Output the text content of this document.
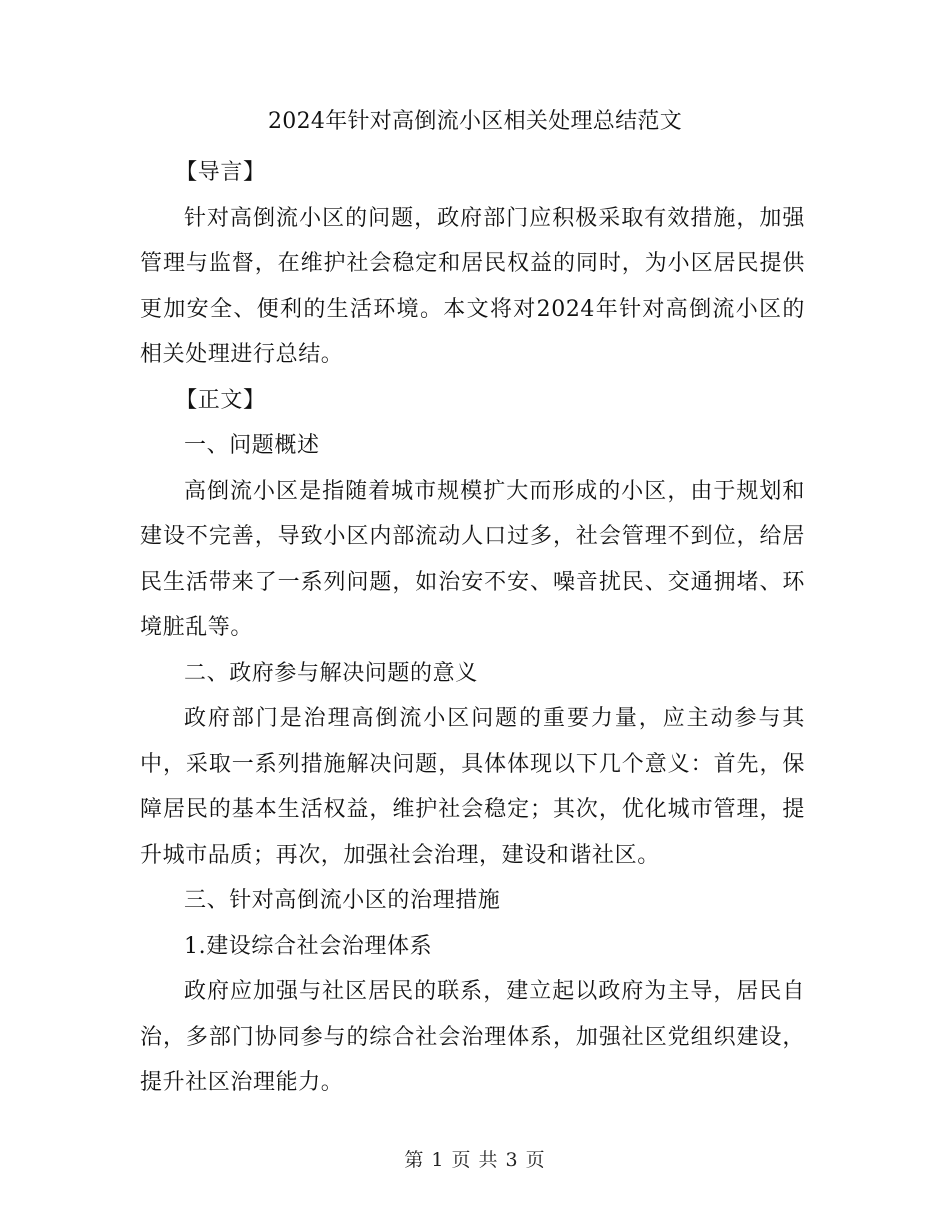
2024年针对高倒流小区相关处理总结范文

【导言】

针对高倒流小区的问题，政府部门应积极采取有效措施，加强管理与监督，在维护社会稳定和居民权益的同时，为小区居民提供更加安全、便利的生活环境。本文将对2024年针对高倒流小区的相关处理进行总结。

【正文】

一、问题概述

高倒流小区是指随着城市规模扩大而形成的小区，由于规划和建设不完善，导致小区内部流动人口过多，社会管理不到位，给居民生活带来了一系列问题，如治安不安、噪音扰民、交通拥堵、环境脏乱等。

二、政府参与解决问题的意义

政府部门是治理高倒流小区问题的重要力量，应主动参与其中，采取一系列措施解决问题，具体体现以下几个意义：首先，保障居民的基本生活权益，维护社会稳定；其次，优化城市管理，提升城市品质；再次，加强社会治理，建设和谐社区。

三、针对高倒流小区的治理措施

1.建设综合社会治理体系

政府应加强与社区居民的联系，建立起以政府为主导，居民自治，多部门协同参与的综合社会治理体系，加强社区党组织建设，提升社区治理能力。

第 1 页 共 3 页
